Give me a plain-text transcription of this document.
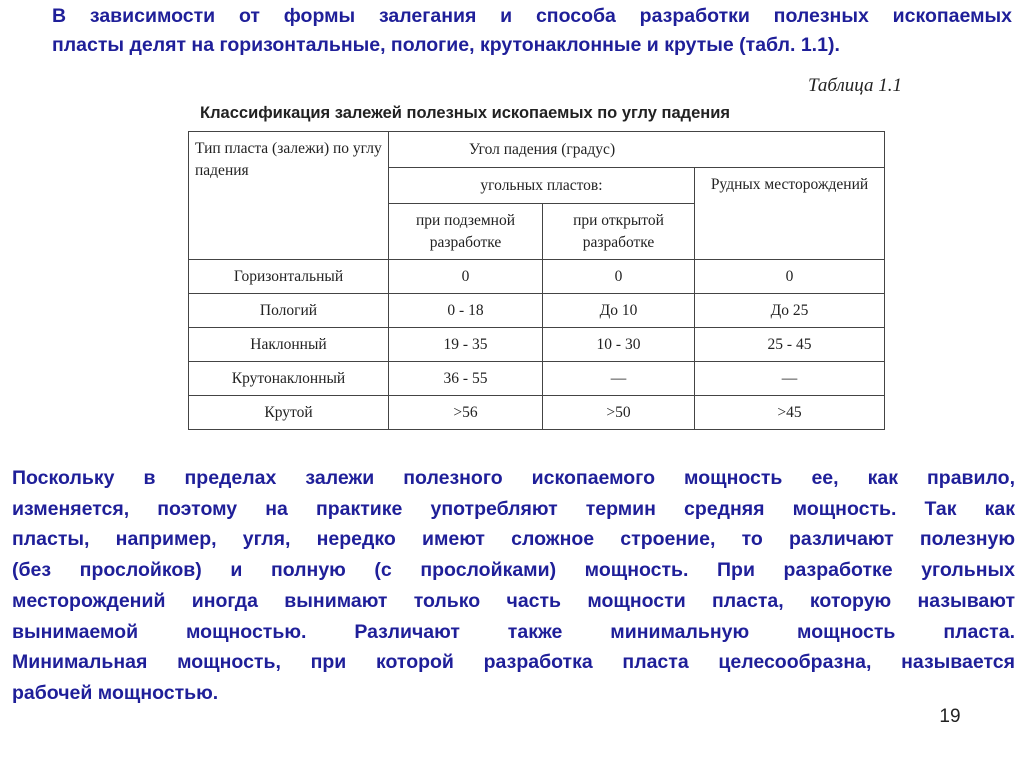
В зависимости от формы залегания и способа разработки полезных ископаемых
пласты делят на горизонтальные, пологие, крутонаклонные и крутые (табл. 1.1).
Таблица 1.1
Классификация залежей полезных ископаемых по углу падения
Тип пласта (залежи) по углу падения	Угол падения (градус)		
	угольных пластов:		Рудных месторождений
	при подземной разработке	при открытой разработке	
Горизонтальный	0	0	0
Пологий	0 - 18	До 10	До 25
Наклонный	19 - 35	10 - 30	25 - 45
Крутонаклонный	36 - 55	—	—
Крутой	>56	>50	>45
Поскольку в пределах залежи полезного ископаемого мощность ее, как правило,
изменяется, поэтому на практике употребляют термин средняя мощность. Так как
пласты, например, угля, нередко имеют сложное строение, то различают полезную
(без прослойков) и полную (с прослойками) мощность. При разработке угольных
месторождений иногда вынимают только часть мощности пласта, которую называют
вынимаемой мощностью. Различают также минимальную мощность пласта.
Минимальная мощность, при которой разработка пласта целесообразна, называется
рабочей мощностью.
19
